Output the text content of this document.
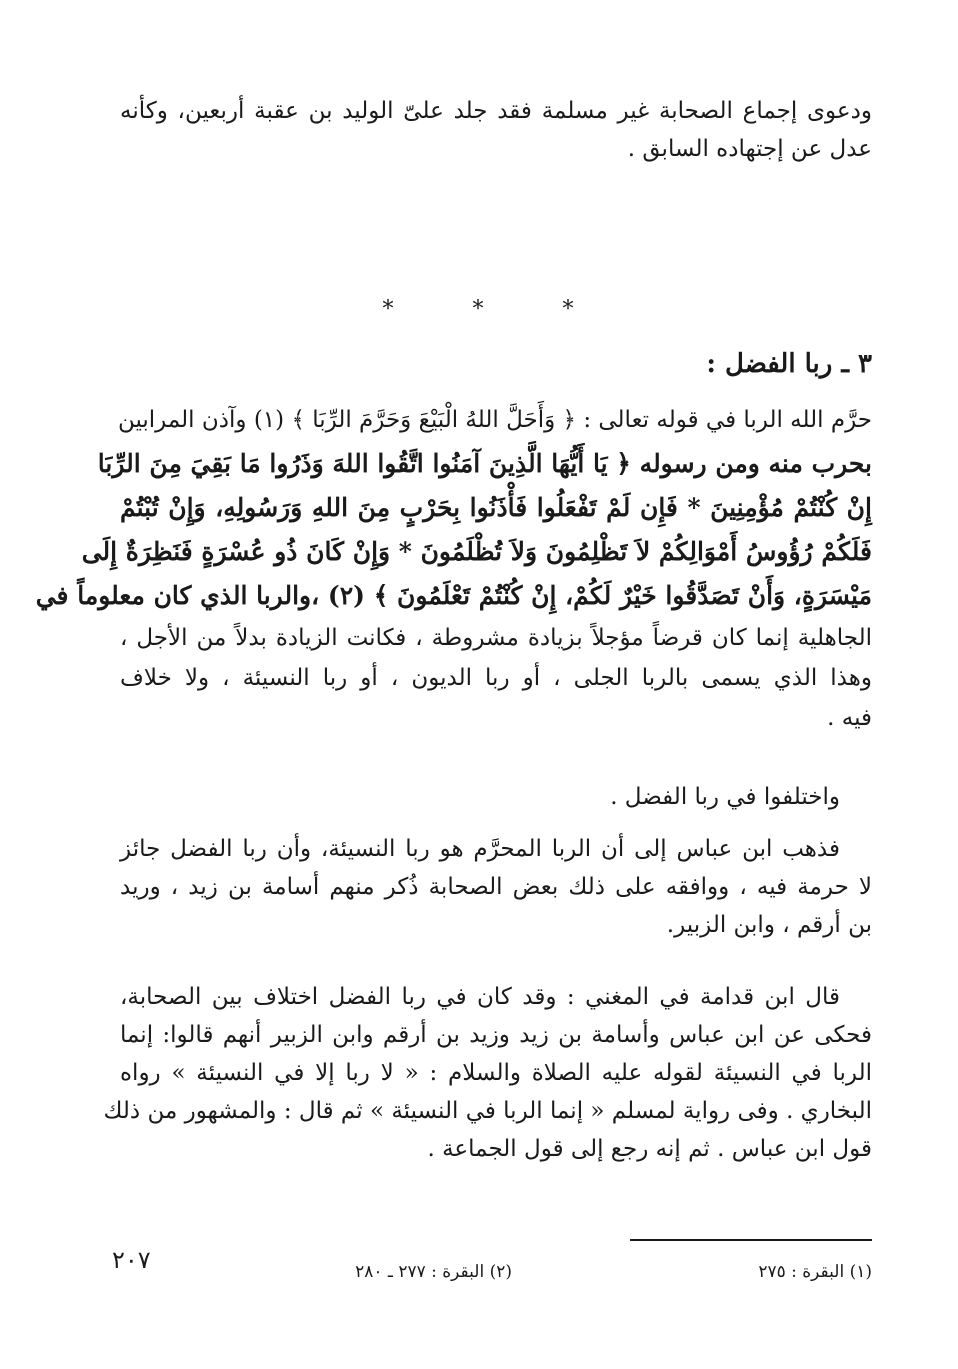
ودعوى إجماع الصحابة غير مسلمة فقد جلد علىّ الوليد بن عقبة أربعين، وكأنه
عدل عن إجتهاده السابق .
* * *
٣ ـ ربا الفضل :
حرَّم الله الربا في قوله تعالى : ﴿ وَأَحَلَّ اللهُ الْبَيْعَ وَحَرَّمَ الرِّبَا ﴾ (١) وآذن المرابين
بحرب منه ومن رسوله ﴿ يَا أَيُّهَا الَّذِينَ آمَنُوا اتَّقُوا اللهَ وَذَرُوا مَا بَقِيَ مِنَ الرِّبَا
إِنْ كُنْتُمْ مُؤْمِنِينَ * فَإِن لَمْ تَفْعَلُوا فَأْذَنُوا بِحَرْبٍ مِنَ اللهِ وَرَسُولِهِ، وَإِنْ تُبْتُمْ
فَلَكُمْ رُؤُوسُ أَمْوَالِكُمْ لاَ تَظْلِمُونَ وَلاَ تُظْلَمُونَ * وَإِنْ كَانَ ذُو عُسْرَةٍ فَنَظِرَةٌ إِلَى
مَيْسَرَةٍ، وَأَنْ تَصَدَّقُوا خَيْرٌ لَكُمْ، إِنْ كُنْتُمْ تَعْلَمُونَ ﴾ (٢) ،والربا الذي كان معلوماً في
الجاهلية إنما كان قرضاً مؤجلاً بزيادة مشروطة ، فكانت الزيادة بدلاً من الأجل ،
وهذا الذي يسمى بالربا الجلى ، أو ربا الديون ، أو ربا النسيئة ، ولا خلاف
فيه .
واختلفوا في ربا الفضل .
فذهب ابن عباس إلى أن الربا المحرَّم هو ربا النسيئة، وأن ربا الفضل جائز
لا حرمة فيه ، ووافقه على ذلك بعض الصحابة ذُكر منهم أسامة بن زيد ، وريد
بن أرقم ، وابن الزبير.
قال ابن قدامة في المغني : وقد كان في ربا الفضل اختلاف بين الصحابة،
فحكى عن ابن عباس وأسامة بن زيد وزيد بن أرقم وابن الزبير أنهم قالوا: إنما
الربا في النسيئة لقوله عليه الصلاة والسلام : « لا ربا إلا في النسيئة » رواه
البخاري . وفى رواية لمسلم « إنما الربا في النسيئة » ثم قال : والمشهور من ذلك
قول ابن عباس . ثم إنه رجع إلى قول الجماعة .
(١) البقرة : ٢٧٥
(٢) البقرة : ٢٧٧ ـ ٢٨٠
٢٠٧
